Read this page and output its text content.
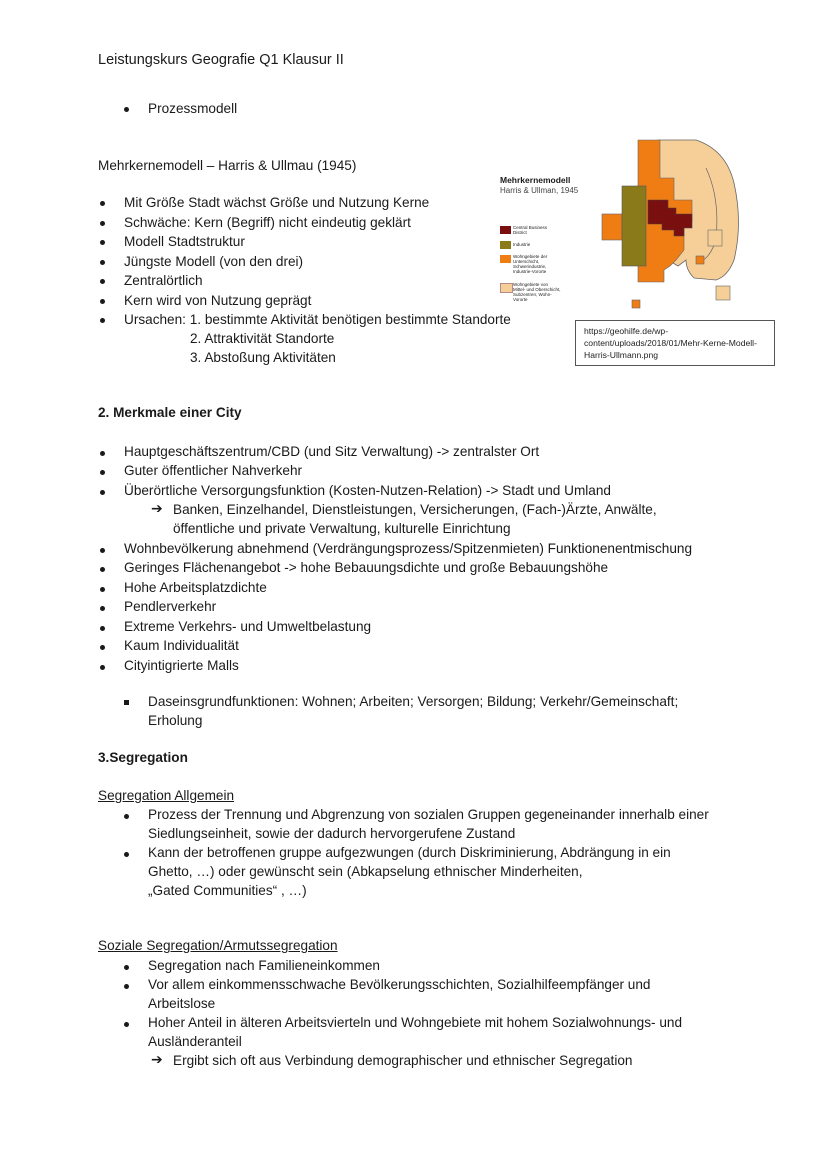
Leistungskurs Geografie Q1 Klausur II
Prozessmodell
Mehrkernemodell – Harris & Ullmau (1945)
Mit Größe Stadt wächst Größe und Nutzung Kerne
Schwäche: Kern (Begriff) nicht eindeutig geklärt
Modell Stadtstruktur
Jüngste Modell (von den drei)
Zentralörtlich
Kern wird von Nutzung geprägt
Ursachen: 1. bestimmte Aktivität benötigen bestimmte Standorte
2. Attraktivität Standorte
3. Abstoßung Aktivitäten
Mehrkernemodell
Harris & Ullman, 1945
Central Business District
Industrie
Wohngebiete der Unterschicht, Schwerindustrie, Industrie-Vororte
Wohngebiete von Mittel- und Oberschicht, Subzentren, Wohn-Vororte
https://geohilfe.de/wp-
content/uploads/2018/01/Mehr-Kerne-Modell-
Harris-Ullmann.png
2. Merkmale einer City
Hauptgeschäftszentrum/CBD (und Sitz Verwaltung) -> zentralster Ort
Guter öffentlicher Nahverkehr
Überörtliche Versorgungsfunktion (Kosten-Nutzen-Relation) -> Stadt und Umland
➔ Banken, Einzelhandel, Dienstleistungen, Versicherungen, (Fach-)Ärzte, Anwälte,
öffentliche und private Verwaltung, kulturelle Einrichtung
Wohnbevölkerung abnehmend (Verdrängungsprozess/Spitzenmieten) Funktionenentmischung
Geringes Flächenangebot -> hohe Bebauungsdichte und große Bebauungshöhe
Hohe Arbeitsplatzdichte
Pendlerverkehr
Extreme Verkehrs- und Umweltbelastung
Kaum Individualität
Cityintigrierte Malls
Daseinsgrundfunktionen: Wohnen; Arbeiten; Versorgen; Bildung; Verkehr/Gemeinschaft;
Erholung
3.Segregation
Segregation Allgemein
Prozess der Trennung und Abgrenzung von sozialen Gruppen gegeneinander innerhalb einer
Siedlungseinheit, sowie der dadurch hervorgerufene Zustand
Kann der betroffenen gruppe aufgezwungen (durch Diskriminierung, Abdrängung in ein
Ghetto, …) oder gewünscht sein (Abkapselung ethnischer Minderheiten,
„Gated Communities“ , …)
Soziale Segregation/Armutssegregation
Segregation nach Familieneinkommen
Vor allem einkommensschwache Bevölkerungsschichten, Sozialhilfeempfänger und
Arbeitslose
Hoher Anteil in älteren Arbeitsvierteln und Wohngebiete mit hohem Sozialwohnungs- und
Ausländeranteil
➔ Ergibt sich oft aus Verbindung demographischer und ethnischer Segregation
